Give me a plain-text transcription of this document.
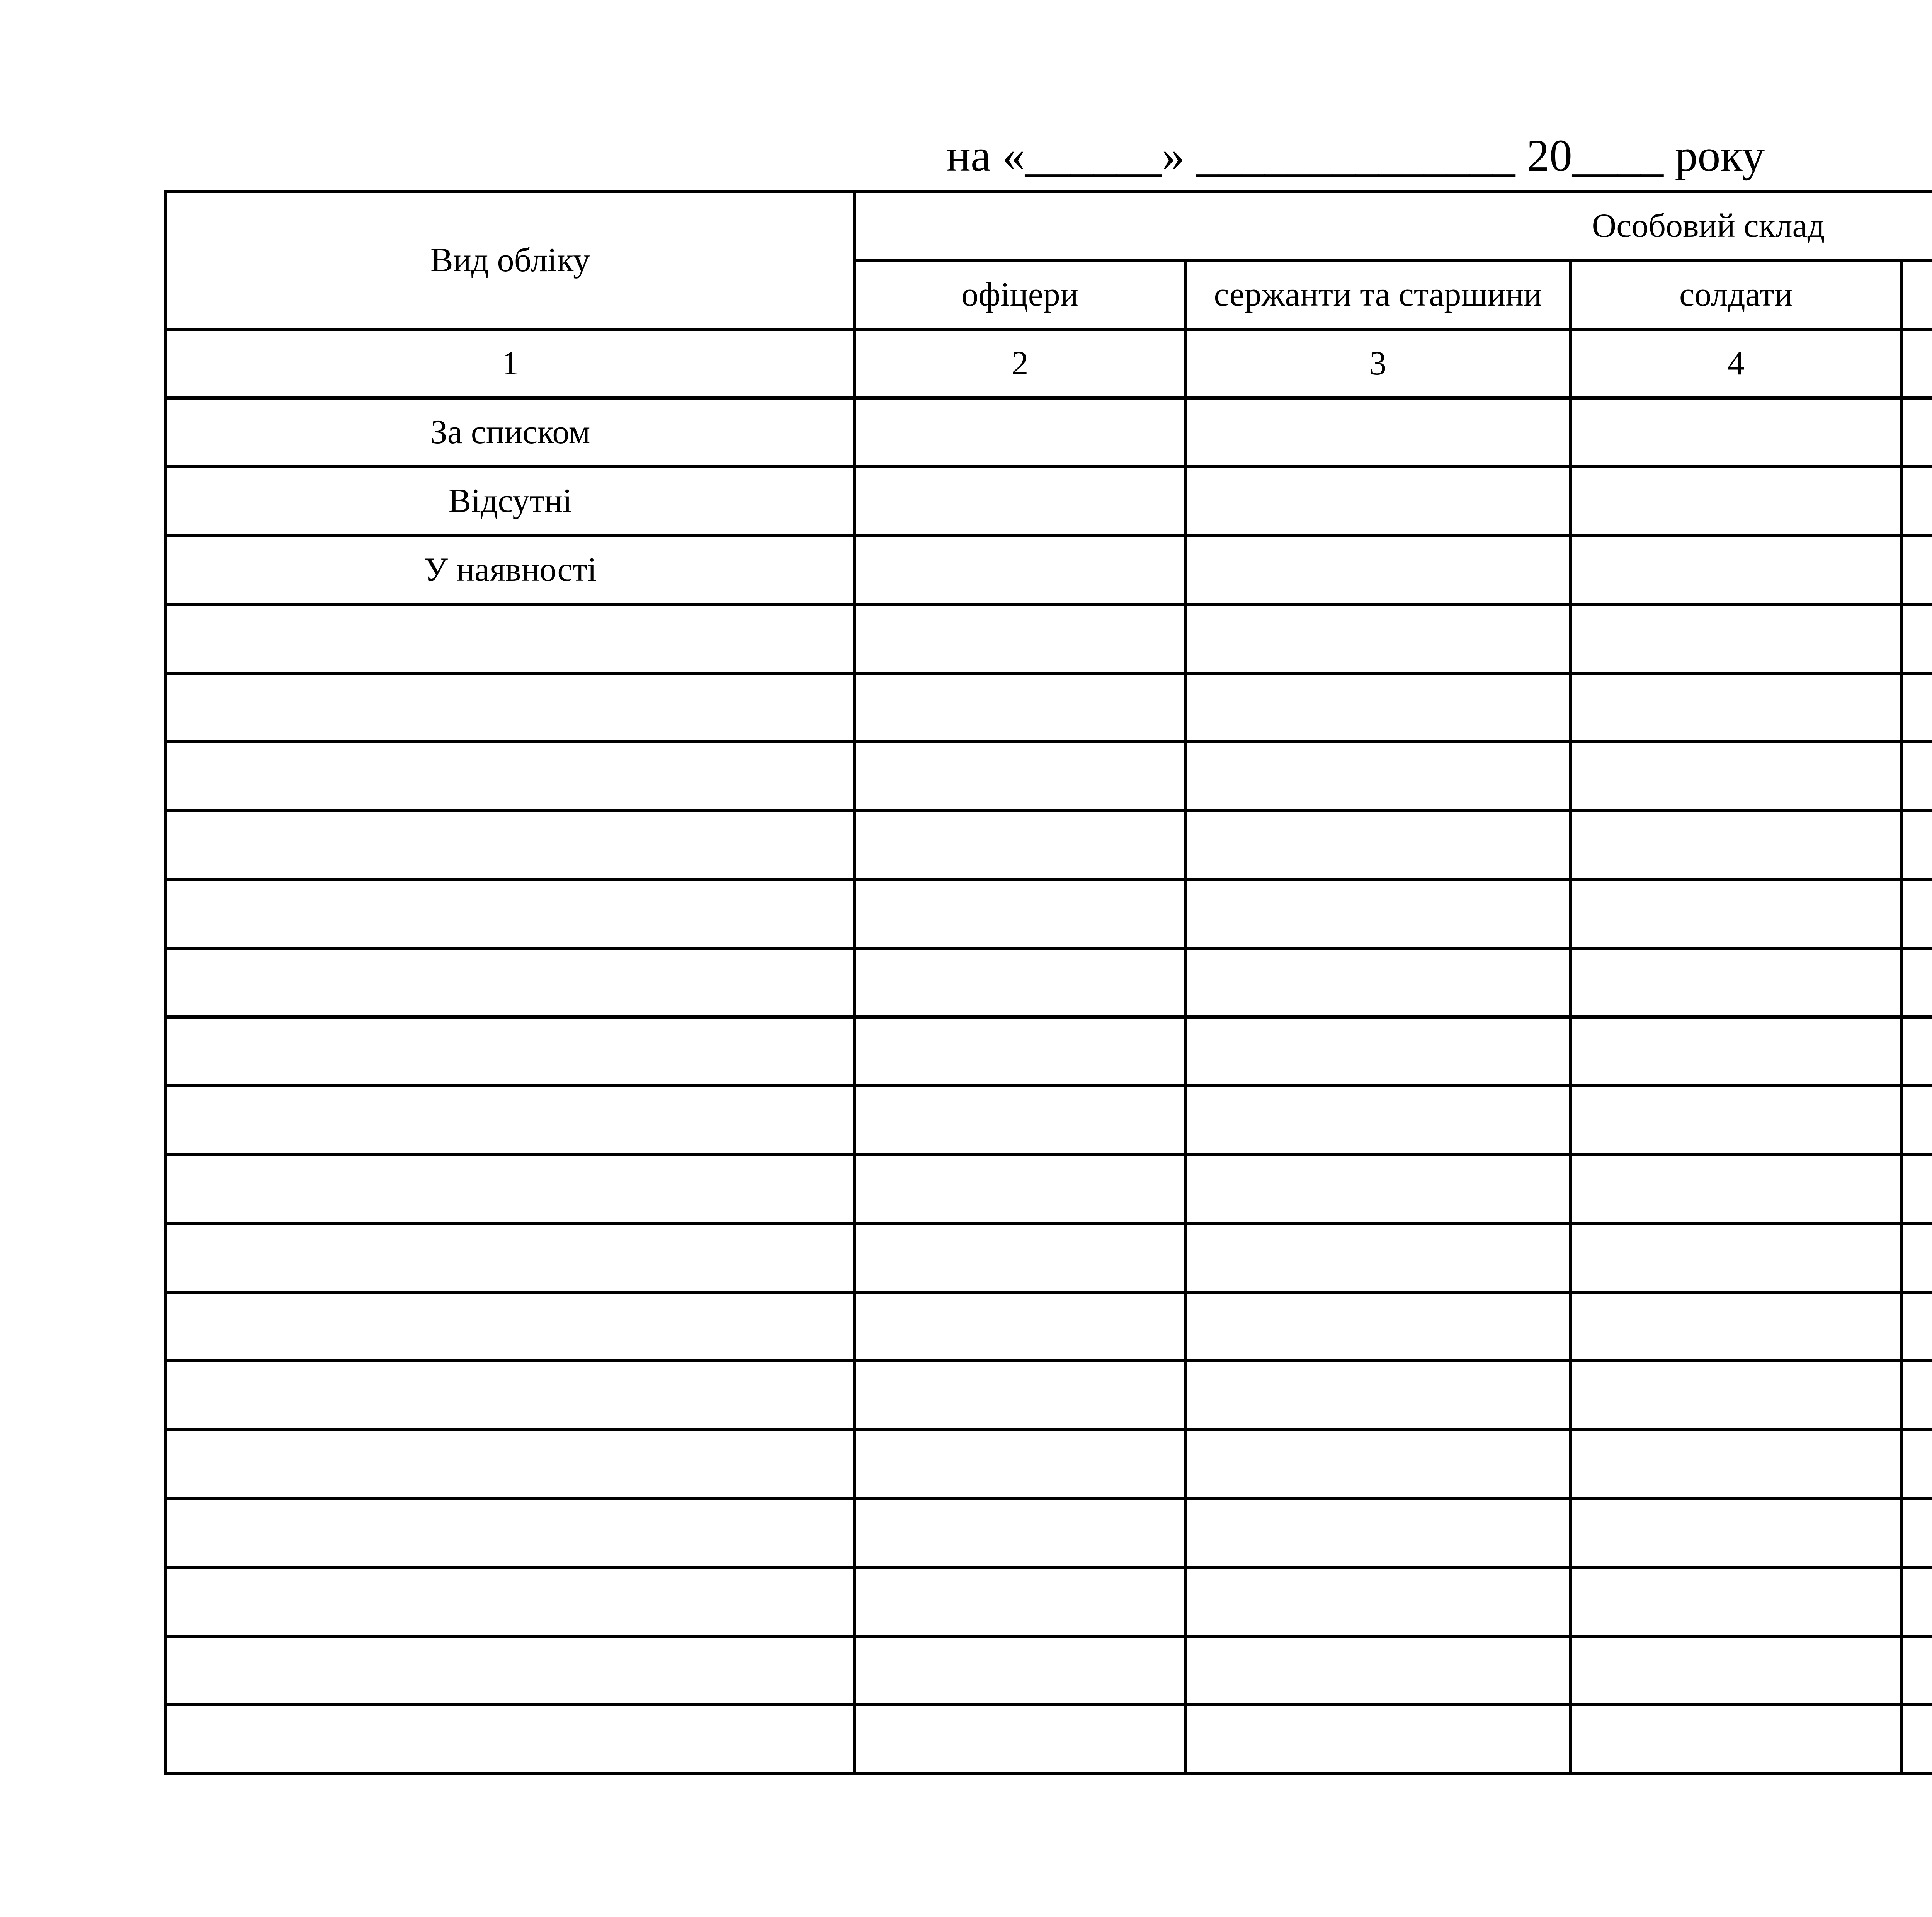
на «______» ______________ 20____ року
Вид обліку	Особовий склад				
	офіцери	сержанти та старшини	солдати		
1	2	3	4		
За списком					
Відсутні					
У наявності					
